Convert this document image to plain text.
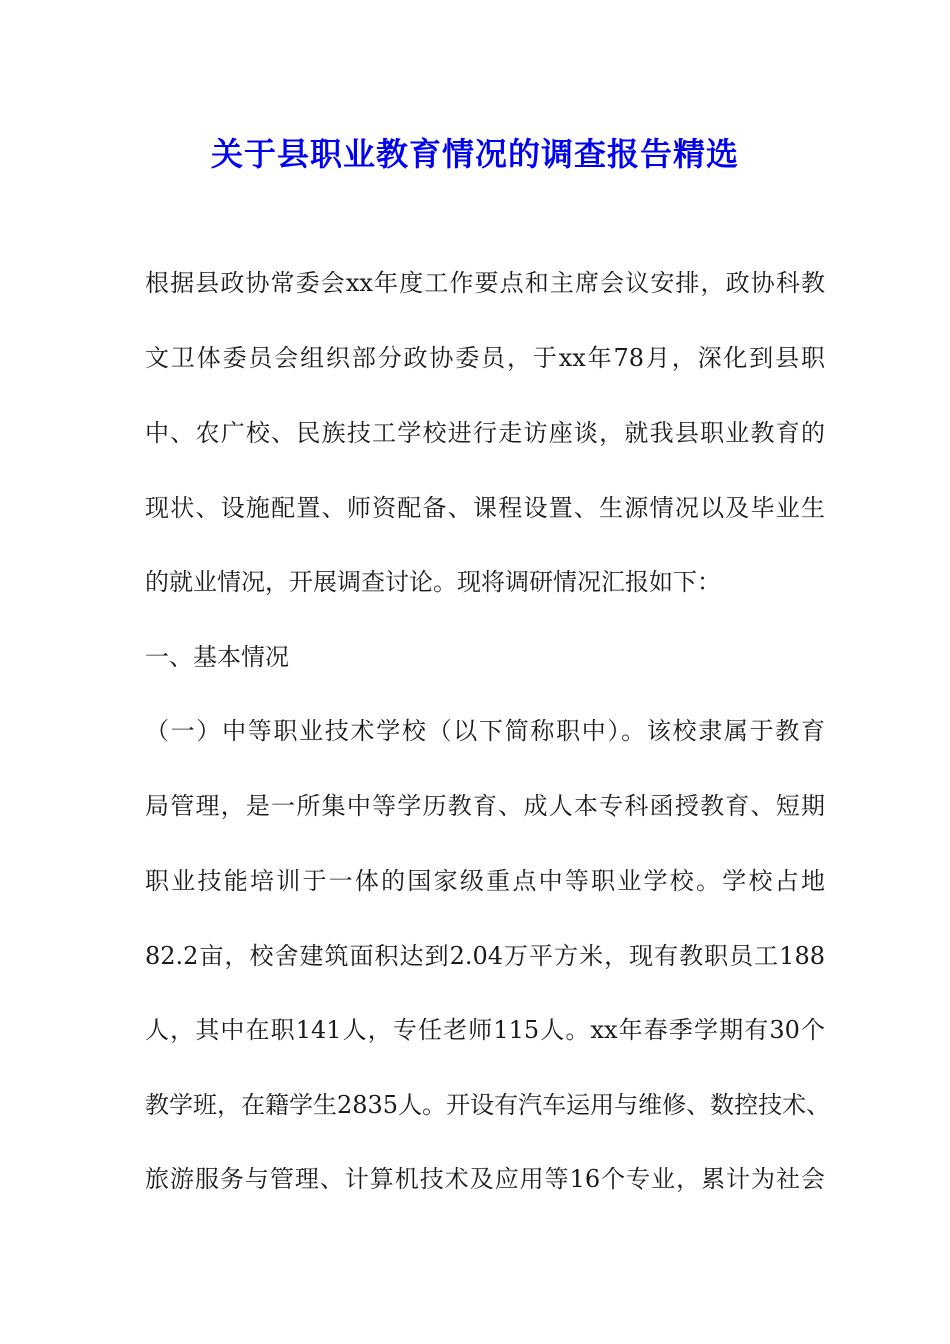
关于县职业教育情况的调查报告精选

根据县政协常委会xx年度工作要点和主席会议安排，政协科教

文卫体委员会组织部分政协委员，于xx年78月，深化到县职

中、农广校、民族技工学校进行走访座谈，就我县职业教育的

现状、设施配置、师资配备、课程设置、生源情况以及毕业生

的就业情况，开展调查讨论。现将调研情况汇报如下：

一、基本情况

（一）中等职业技术学校（以下简称职中）。该校隶属于教育

局管理，是一所集中等学历教育、成人本专科函授教育、短期

职业技能培训于一体的国家级重点中等职业学校。学校占地

82.2亩，校舍建筑面积达到2.04万平方米，现有教职员工188

人，其中在职141人，专任老师115人。xx年春季学期有30个

教学班，在籍学生2835人。开设有汽车运用与维修、数控技术、

旅游服务与管理、计算机技术及应用等16个专业，累计为社会
